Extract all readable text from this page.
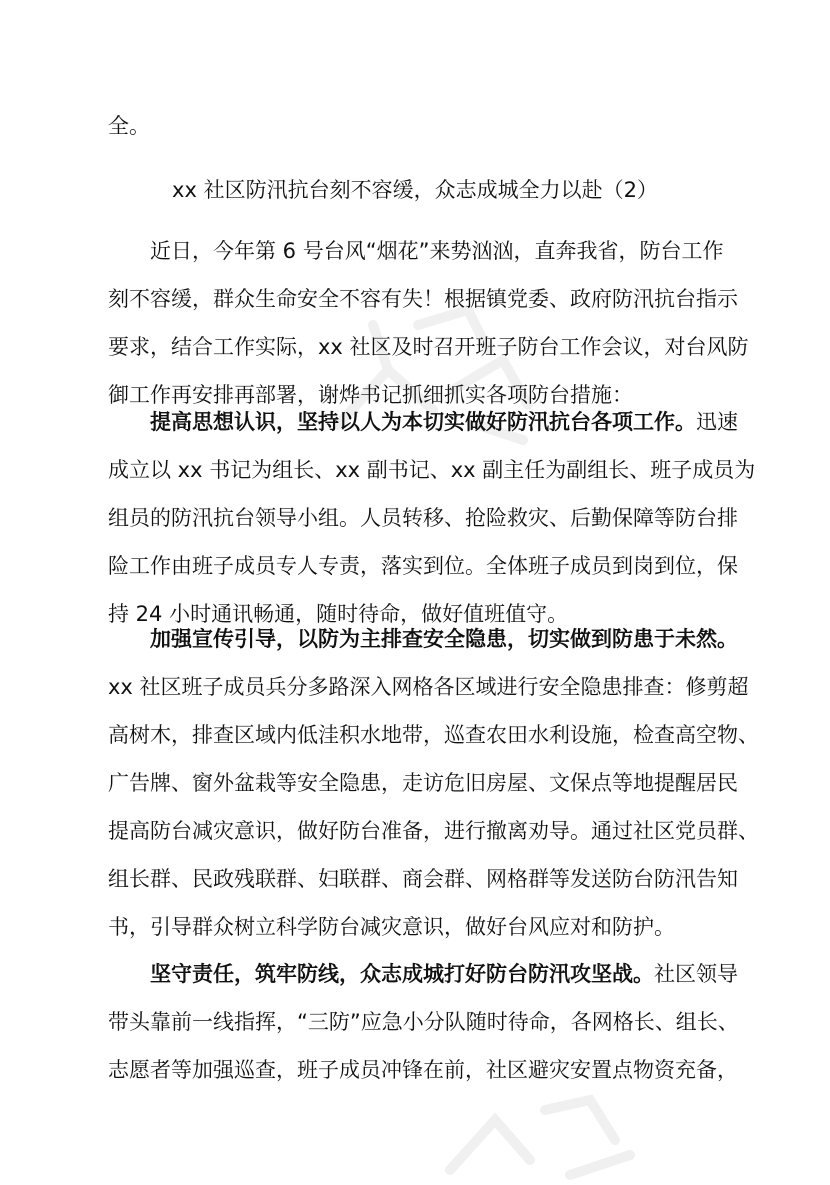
全。
xx 社区防汛抗台刻不容缓，众志成城全力以赴（2）
近日，今年第 6 号台风“烟花”来势汹汹，直奔我省，防台工作
刻不容缓，群众生命安全不容有失！根据镇党委、政府防汛抗台指示
要求，结合工作实际，xx 社区及时召开班子防台工作会议，对台风防
御工作再安排再部署，谢烨书记抓细抓实各项防台措施：
提高思想认识，坚持以人为本切实做好防汛抗台各项工作。迅速
成立以 xx 书记为组长、xx 副书记、xx 副主任为副组长、班子成员为
组员的防汛抗台领导小组。人员转移、抢险救灾、后勤保障等防台排
险工作由班子成员专人专责，落实到位。全体班子成员到岗到位，保
持 24 小时通讯畅通，随时待命，做好值班值守。
加强宣传引导，以防为主排查安全隐患，切实做到防患于未然。
xx 社区班子成员兵分多路深入网格各区域进行安全隐患排查：修剪超
高树木，排查区域内低洼积水地带，巡查农田水利设施，检查高空物、
广告牌、窗外盆栽等安全隐患，走访危旧房屋、文保点等地提醒居民
提高防台减灾意识，做好防台准备，进行撤离劝导。通过社区党员群、
组长群、民政残联群、妇联群、商会群、网格群等发送防台防汛告知
书，引导群众树立科学防台减灾意识，做好台风应对和防护。
坚守责任，筑牢防线，众志成城打好防台防汛攻坚战。社区领导
带头靠前一线指挥，“三防”应急小分队随时待命，各网格长、组长、
志愿者等加强巡查，班子成员冲锋在前，社区避灾安置点物资充备，
